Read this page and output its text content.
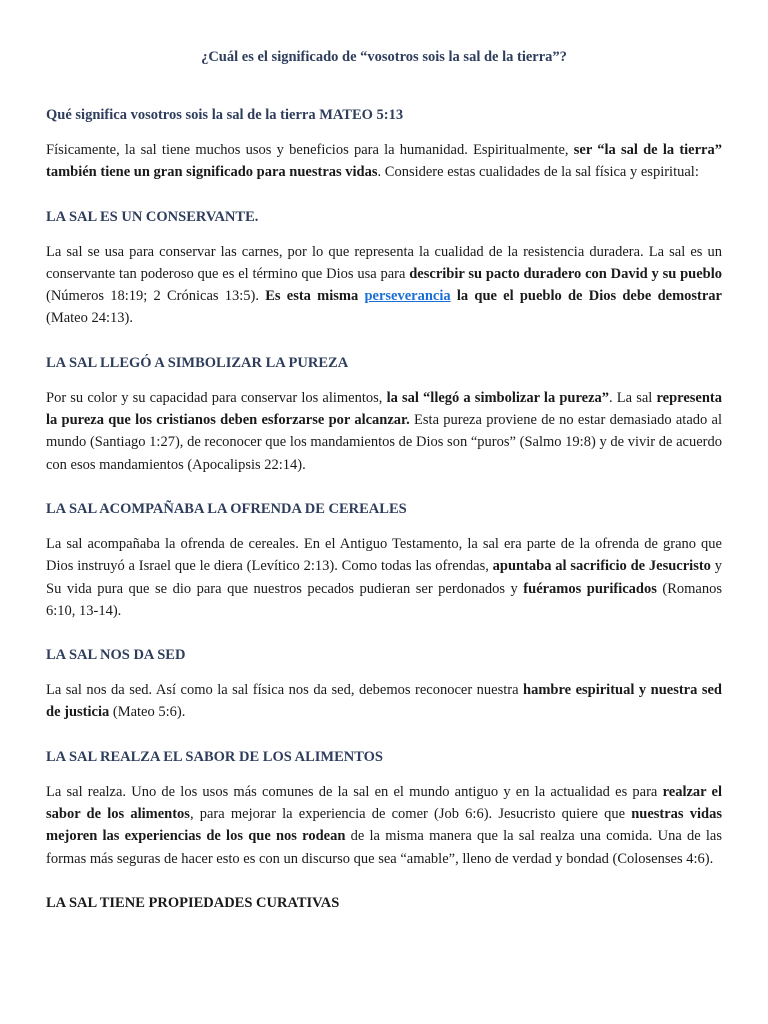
¿Cuál es el significado de “vosotros sois la sal de la tierra”?
Qué significa vosotros sois la sal de la tierra MATEO 5:13

Físicamente, la sal tiene muchos usos y beneficios para la humanidad. Espiritualmente, ser “la sal de la tierra” también tiene un gran significado para nuestras vidas. Considere estas cualidades de la sal física y espiritual:

LA SAL ES UN CONSERVANTE.

La sal se usa para conservar las carnes, por lo que representa la cualidad de la resistencia duradera. La sal es un conservante tan poderoso que es el término que Dios usa para describir su pacto duradero con David y su pueblo (Números 18:19; 2 Crónicas 13:5). Es esta misma perseverancia la que el pueblo de Dios debe demostrar (Mateo 24:13).

LA SAL LLEGÓ A SIMBOLIZAR LA PUREZA

Por su color y su capacidad para conservar los alimentos, la sal “llegó a simbolizar la pureza”. La sal representa la pureza que los cristianos deben esforzarse por alcanzar. Esta pureza proviene de no estar demasiado atado al mundo (Santiago 1:27), de reconocer que los mandamientos de Dios son “puros” (Salmo 19:8) y de vivir de acuerdo con esos mandamientos (Apocalipsis 22:14).

LA SAL ACOMPAÑABA LA OFRENDA DE CEREALES

La sal acompañaba la ofrenda de cereales. En el Antiguo Testamento, la sal era parte de la ofrenda de grano que Dios instruyó a Israel que le diera (Levítico 2:13). Como todas las ofrendas, apuntaba al sacrificio de Jesucristo y Su vida pura que se dio para que nuestros pecados pudieran ser perdonados y fuéramos purificados (Romanos 6:10, 13-14).

LA SAL NOS DA SED

La sal nos da sed. Así como la sal física nos da sed, debemos reconocer nuestra hambre espiritual y nuestra sed de justicia (Mateo 5:6).

LA SAL REALZA EL SABOR DE LOS ALIMENTOS

La sal realza. Uno de los usos más comunes de la sal en el mundo antiguo y en la actualidad es para realzar el sabor de los alimentos, para mejorar la experiencia de comer (Job 6:6). Jesucristo quiere que nuestras vidas mejoren las experiencias de los que nos rodean de la misma manera que la sal realza una comida. Una de las formas más seguras de hacer esto es con un discurso que sea “amable”, lleno de verdad y bondad (Colosenses 4:6).

LA SAL TIENE PROPIEDADES CURATIVAS
